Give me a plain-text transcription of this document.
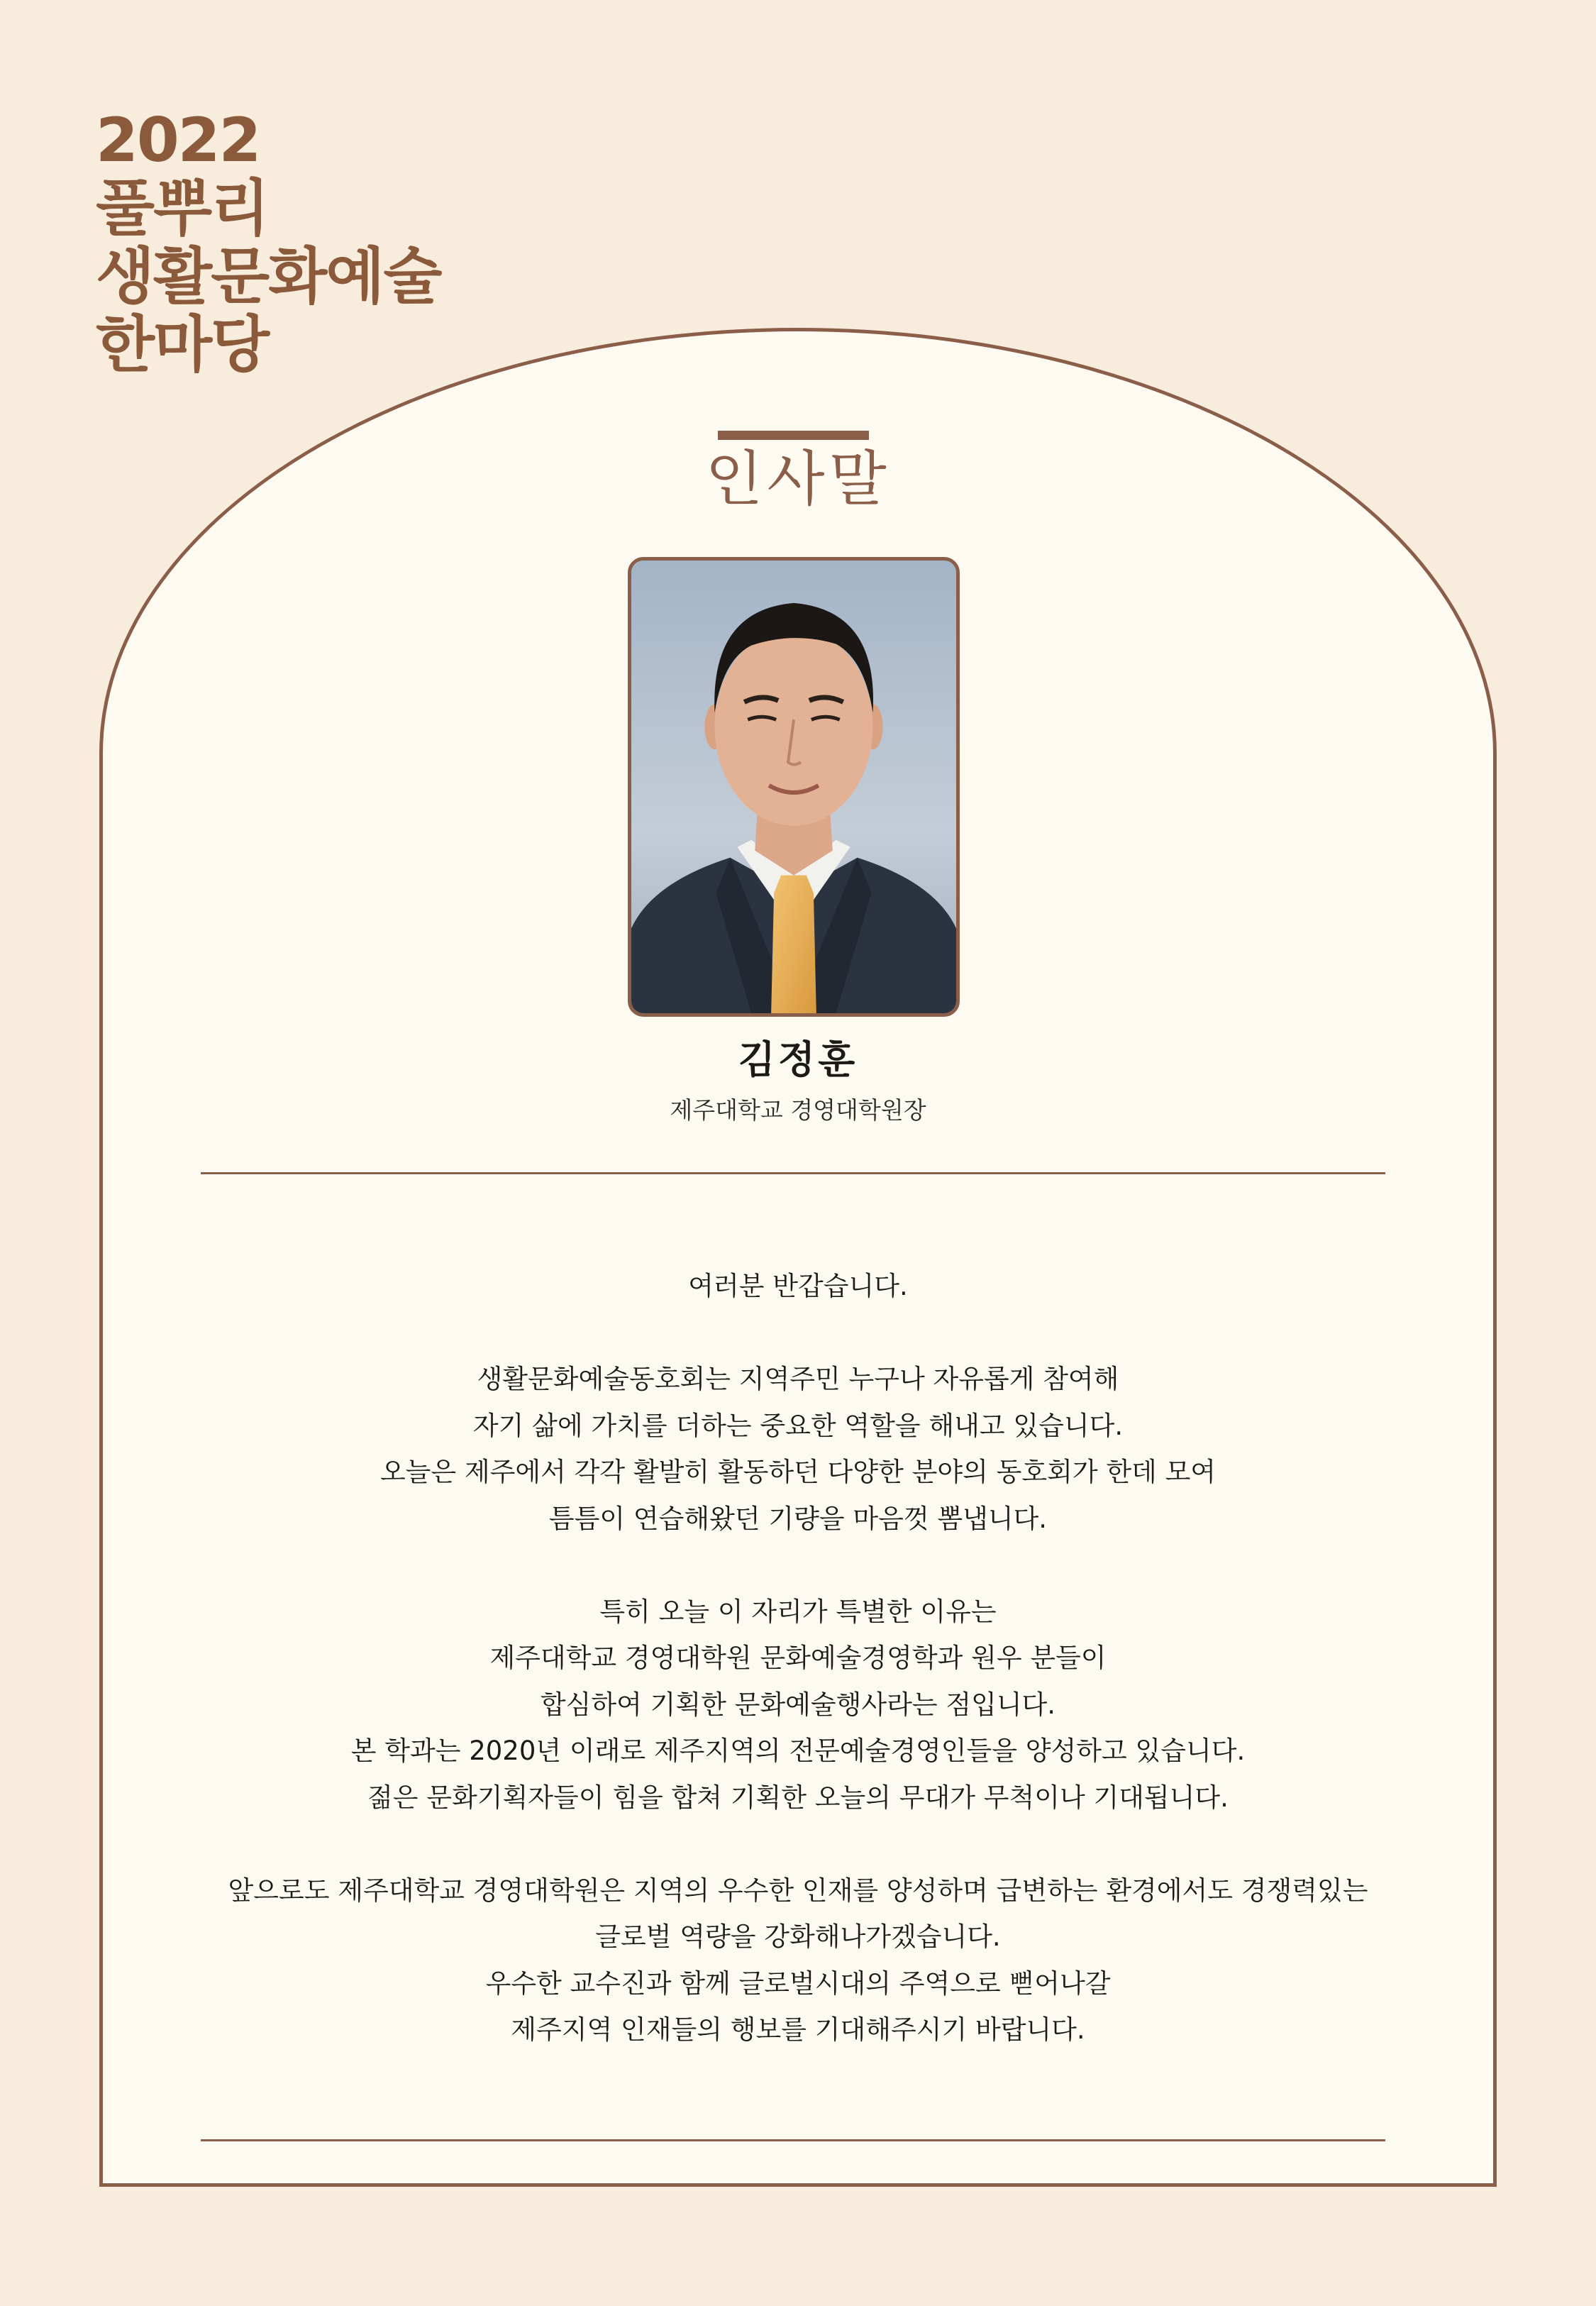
2022
풀뿌리
생활문화예술
한마당
인사말
김정훈

제주대학교 경영대학원장

여러분 반갑습니다.

생활문화예술동호회는 지역주민 누구나 자유롭게 참여해
자기 삶에 가치를 더하는 중요한 역할을 해내고 있습니다.
오늘은 제주에서 각각 활발히 활동하던 다양한 분야의 동호회가 한데 모여
틈틈이 연습해왔던 기량을 마음껏 뽐냅니다.

특히 오늘 이 자리가 특별한 이유는
제주대학교 경영대학원 문화예술경영학과 원우 분들이
합심하여 기획한 문화예술행사라는 점입니다.
본 학과는 2020년 이래로 제주지역의 전문예술경영인들을 양성하고 있습니다.
젊은 문화기획자들이 힘을 합쳐 기획한 오늘의 무대가 무척이나 기대됩니다.

앞으로도 제주대학교 경영대학원은 지역의 우수한 인재를 양성하며 급변하는 환경에서도 경쟁력있는
글로벌 역량을 강화해나가겠습니다.
우수한 교수진과 함께 글로벌시대의 주역으로 뻗어나갈
제주지역 인재들의 행보를 기대해주시기 바랍니다.
